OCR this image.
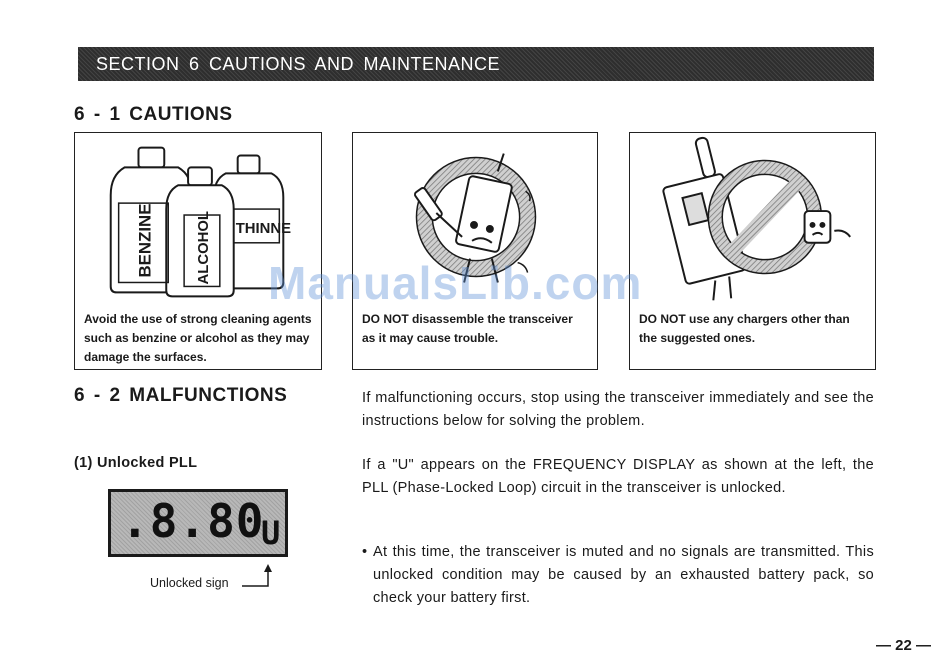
SECTION 6 CAUTIONS AND MAINTENANCE
6 - 1 CAUTIONS
BENZINE	ALCOHOL THINNE
Avoid the use of strong cleaning agents such as benzine or alcohol as they may damage the surfaces.
DO NOT disassemble the transceiver as it may cause trouble.
DO NOT use any chargers other than the suggested ones.
6 - 2 MALFUNCTIONS	If malfunctioning occurs, stop using the transceiver immediately and see the instructions below for solving the problem.
(1) Unlocked PLL
.8.80
U
Unlocked sign
If a "U" appears on the FREQUENCY DISPLAY as shown at the left, the PLL (Phase-Locked Loop) circuit in the transceiver is unlocked.
• At this time, the transceiver is muted and no signals are transmitted. This unlocked condition may be caused by an exhausted battery pack, so check your battery first.
— 22 —
ManualsLib.com
